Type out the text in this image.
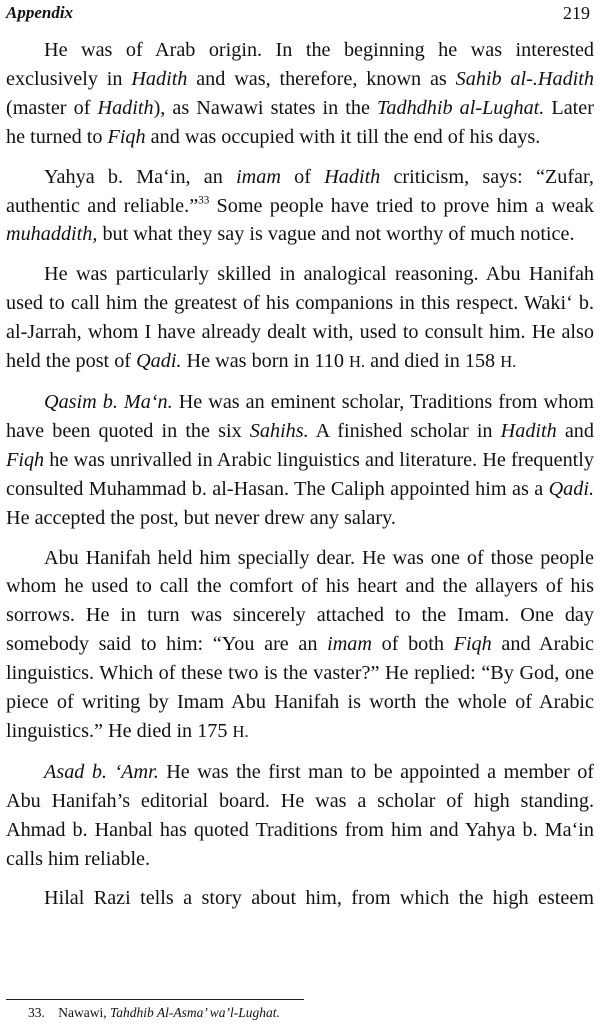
Appendix	219

He was of Arab origin. In the beginning he was interested exclusively in Hadith and was, therefore, known as Sahib al-.Hadith (master of Hadith), as Nawawi states in the Tadhdhib al-Lughat. Later he turned to Fiqh and was occupied with it till the end of his days.

Yahya b. Ma‘in, an imam of Hadith criticism, says: “Zufar, authentic and reliable.”$^{33}$ Some people have tried to prove him a weak muhaddith, but what they say is vague and not worthy of much notice.

He was particularly skilled in analogical reasoning. Abu Hanifah used to call him the greatest of his companions in this respect. Waki‘ b. al-Jarrah, whom I have already dealt with, used to consult him. He also held the post of Qadi. He was born in 110 H. and died in 158 H.

Qasim b. Ma‘n. He was an eminent scholar, Traditions from whom have been quoted in the six Sahihs. A finished scholar in Hadith and Fiqh he was unrivalled in Arabic linguistics and literature. He frequently consulted Muhammad b. al-Hasan. The Caliph appointed him as a Qadi. He accepted the post, but never drew any salary.

Abu Hanifah held him specially dear. He was one of those people whom he used to call the comfort of his heart and the allayers of his sorrows. He in turn was sincerely attached to the Imam. One day somebody said to him: “You are an imam of both Fiqh and Arabic linguistics. Which of these two is the vaster?” He replied: “By God, one piece of writing by Imam Abu Hanifah is worth the whole of Arabic linguistics.” He died in 175 H.

Asad b. ‘Amr. He was the first man to be appointed a member of Abu Hanifah’s editorial board. He was a scholar of high standing. Ahmad b. Hanbal has quoted Traditions from him and Yahya b. Ma‘in calls him reliable.

Hilal Razi tells a story about him, from which the high esteem

33. Nawawi, Tahdhib Al-Asma’ wa’l-Lughat.
